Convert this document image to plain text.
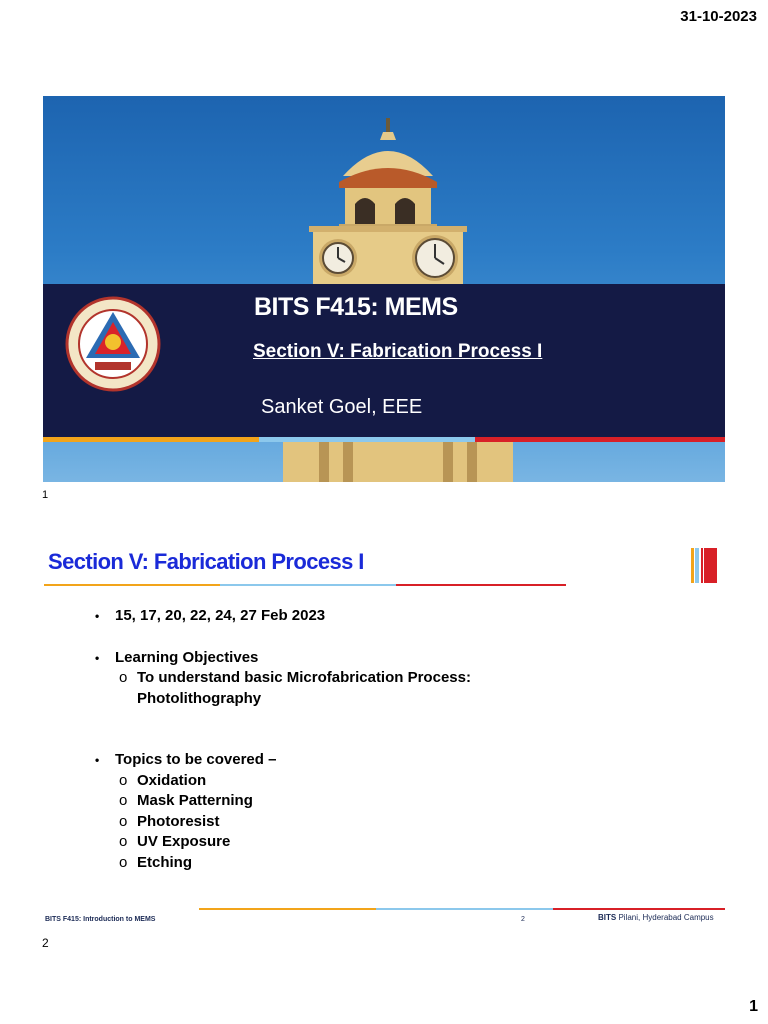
31-10-2023
BITS F415: MEMS
Section V: Fabrication Process I
Sanket Goel, EEE
1
Section V: Fabrication Process I
•	15, 17, 20, 22, 24, 27 Feb 2023
•	Learning Objectives
o To understand basic Microfabrication Process:
Photolithography
•	Topics to be covered –
o Oxidation
o Mask Patterning
o Photoresist
o UV Exposure
o Etching
BITS F415: Introduction to MEMS	2	BITS Pilani, Hyderabad Campus
2
1
